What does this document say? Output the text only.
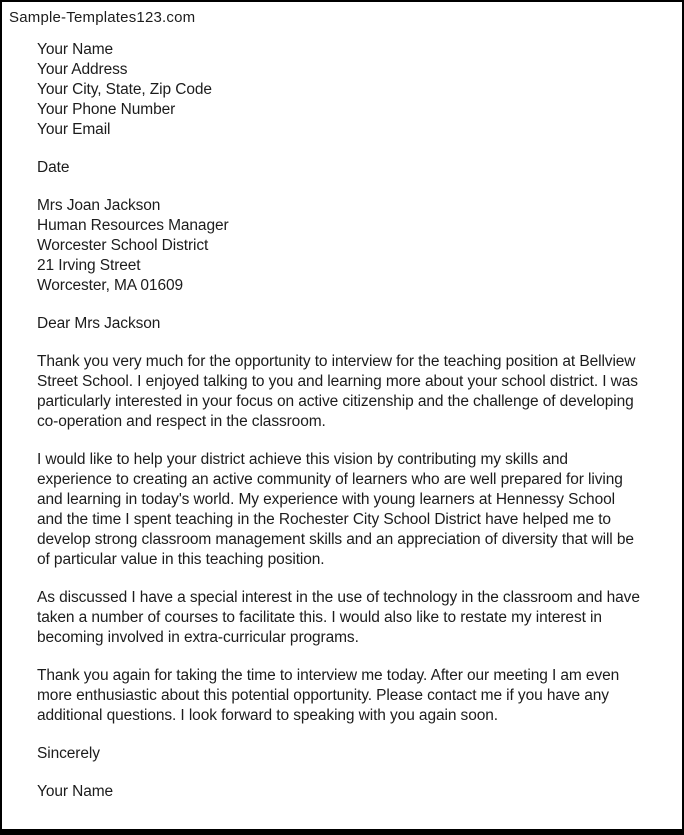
Sample-Templates123.com
Your Name
Your Address
Your City, State, Zip Code
Your Phone Number
Your Email
Date
Mrs Joan Jackson
Human Resources Manager
Worcester School District
21 Irving Street
Worcester, MA 01609
Dear Mrs Jackson

Thank you very much for the opportunity to interview for the teaching position at Bellview Street School. I enjoyed talking to you and learning more about your school district. I was particularly interested in your focus on active citizenship and the challenge of developing co-operation and respect in the classroom.

I would like to help your district achieve this vision by contributing my skills and experience to creating an active community of learners who are well prepared for living and learning in today's world. My experience with young learners at Hennessy School and the time I spent teaching in the Rochester City School District have helped me to develop strong classroom management skills and an appreciation of diversity that will be of particular value in this teaching position.

As discussed I have a special interest in the use of technology in the classroom and have taken a number of courses to facilitate this. I would also like to restate my interest in becoming involved in extra-curricular programs.

Thank you again for taking the time to interview me today. After our meeting I am even more enthusiastic about this potential opportunity. Please contact me if you have any additional questions. I look forward to speaking with you again soon.

Sincerely
Your Name
